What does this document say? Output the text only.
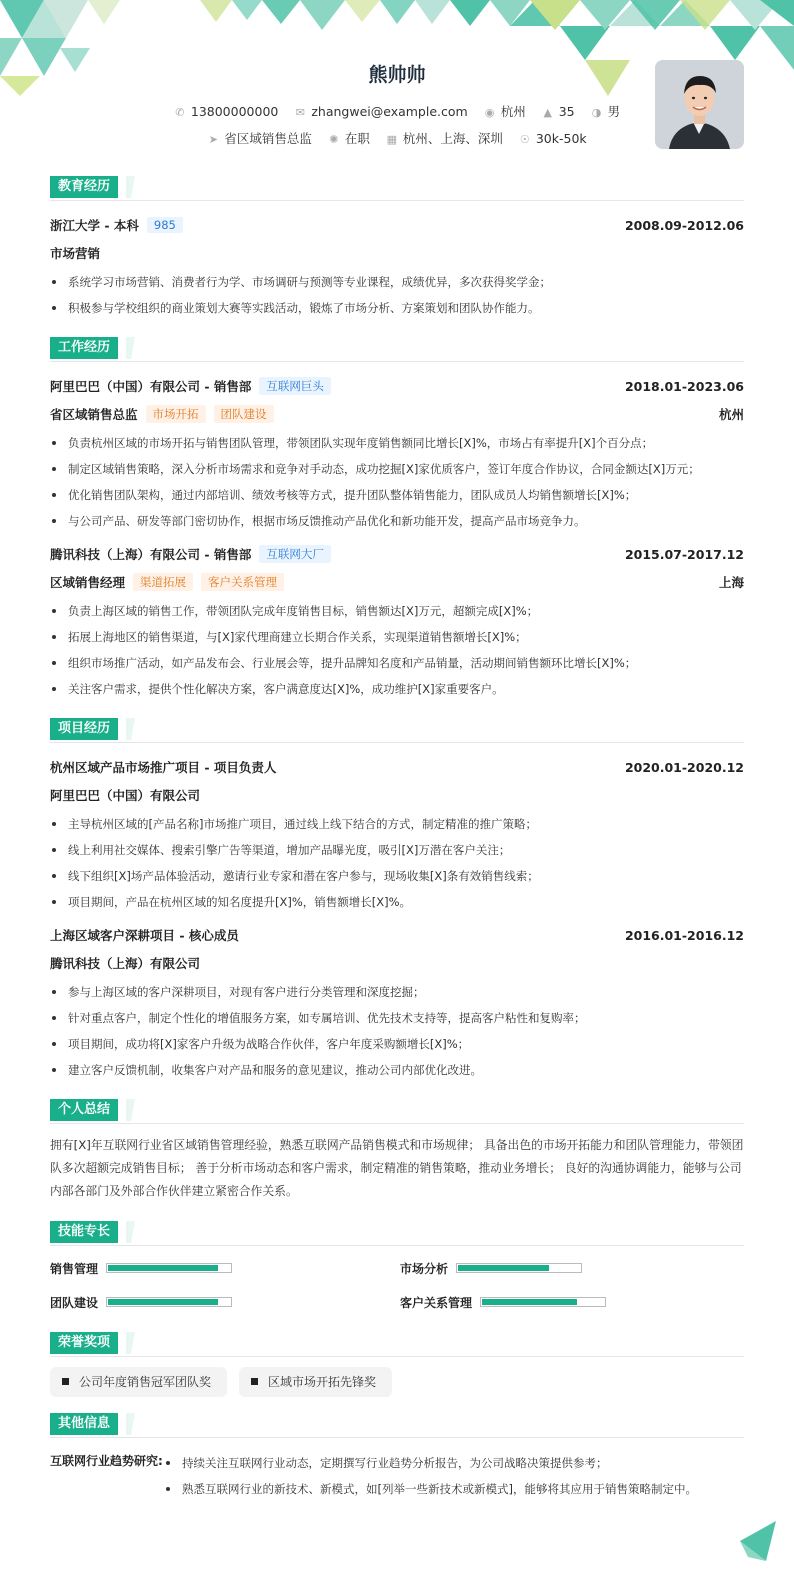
熊帅帅
✆ 13800000000 ✉ zhangwei@example.com ◉ 杭州 ▲ 35 ◑ 男
➤ 省区域销售总监 ✺ 在职 ▦ 杭州、上海、深圳 ☉ 30k-50k
教育经历
浙江大学 - 本科	985	2008.09-2012.06
市场营销
系统学习市场营销、消费者行为学、市场调研与预测等专业课程，成绩优异，多次获得奖学金；
积极参与学校组织的商业策划大赛等实践活动，锻炼了市场分析、方案策划和团队协作能力。
工作经历
阿里巴巴（中国）有限公司 - 销售部	互联网巨头	2018.01-2023.06
省区域销售总监	市场开拓	团队建设	杭州
负责杭州区域的市场开拓与销售团队管理，带领团队实现年度销售额同比增长[X]%，市场占有率提升[X]个百分点；
制定区域销售策略，深入分析市场需求和竞争对手动态，成功挖掘[X]家优质客户，签订年度合作协议，合同金额达[X]万元；
优化销售团队架构，通过内部培训、绩效考核等方式，提升团队整体销售能力，团队成员人均销售额增长[X]%；
与公司产品、研发等部门密切协作，根据市场反馈推动产品优化和新功能开发，提高产品市场竞争力。
腾讯科技（上海）有限公司 - 销售部	互联网大厂	2015.07-2017.12
区域销售经理	渠道拓展	客户关系管理	上海
负责上海区域的销售工作，带领团队完成年度销售目标，销售额达[X]万元，超额完成[X]%；
拓展上海地区的销售渠道，与[X]家代理商建立长期合作关系，实现渠道销售额增长[X]%；
组织市场推广活动，如产品发布会、行业展会等，提升品牌知名度和产品销量，活动期间销售额环比增长[X]%；
关注客户需求，提供个性化解决方案，客户满意度达[X]%，成功维护[X]家重要客户。
项目经历
杭州区域产品市场推广项目 - 项目负责人	2020.01-2020.12
阿里巴巴（中国）有限公司
主导杭州区域的[产品名称]市场推广项目，通过线上线下结合的方式，制定精准的推广策略；
线上利用社交媒体、搜索引擎广告等渠道，增加产品曝光度，吸引[X]万潜在客户关注；
线下组织[X]场产品体验活动，邀请行业专家和潜在客户参与，现场收集[X]条有效销售线索；
项目期间，产品在杭州区域的知名度提升[X]%，销售额增长[X]%。
上海区域客户深耕项目 - 核心成员	2016.01-2016.12
腾讯科技（上海）有限公司
参与上海区域的客户深耕项目，对现有客户进行分类管理和深度挖掘；
针对重点客户，制定个性化的增值服务方案，如专属培训、优先技术支持等，提高客户粘性和复购率；
项目期间，成功将[X]家客户升级为战略合作伙伴，客户年度采购额增长[X]%；
建立客户反馈机制，收集客户对产品和服务的意见建议，推动公司内部优化改进。
个人总结
拥有[X]年互联网行业省区域销售管理经验，熟悉互联网产品销售模式和市场规律； 具备出色的市场开拓能力和团队管理能力，带领团队多次超额完成销售目标； 善于分析市场动态和客户需求，制定精准的销售策略，推动业务增长； 良好的沟通协调能力，能够与公司内部各部门及外部合作伙伴建立紧密合作关系。
技能专长
销售管理	市场分析
团队建设	客户关系管理
荣誉奖项
公司年度销售冠军团队奖	区域市场开拓先锋奖
其他信息
互联网行业趋势研究:	持续关注互联网行业动态，定期撰写行业趋势分析报告，为公司战略决策提供参考；
熟悉互联网行业的新技术、新模式，如[列举一些新技术或新模式]，能够将其应用于销售策略制定中。
